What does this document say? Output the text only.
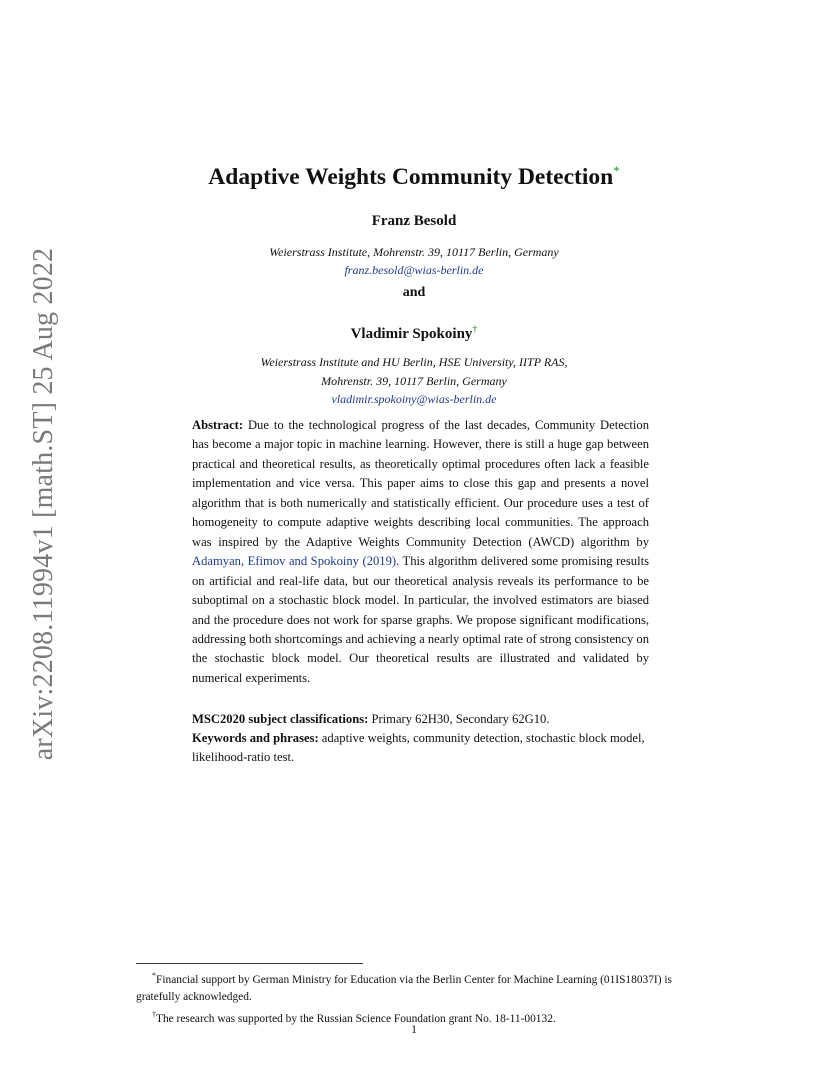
arXiv:2208.11994v1 [math.ST] 25 Aug 2022
Adaptive Weights Community Detection*
Franz Besold
Weierstrass Institute, Mohrenstr. 39, 10117 Berlin, Germany
franz.besold@wias-berlin.de
and
Vladimir Spokoiny†
Weierstrass Institute and HU Berlin, HSE University, IITP RAS,
Mohrenstr. 39, 10117 Berlin, Germany
vladimir.spokoiny@wias-berlin.de
Abstract: Due to the technological progress of the last decades, Community Detection has become a major topic in machine learning. However, there is still a huge gap between practical and theoretical results, as theoretically optimal procedures often lack a feasible implementation and vice versa. This paper aims to close this gap and presents a novel algorithm that is both numerically and statistically efficient. Our procedure uses a test of homogeneity to compute adaptive weights describing local communities. The approach was inspired by the Adaptive Weights Community Detection (AWCD) algorithm by Adamyan, Efimov and Spokoiny (2019). This algorithm delivered some promising results on artificial and real-life data, but our theoretical analysis reveals its performance to be suboptimal on a stochastic block model. In particular, the involved estimators are biased and the procedure does not work for sparse graphs. We propose significant modifications, addressing both shortcomings and achieving a nearly optimal rate of strong consistency on the stochastic block model. Our theoretical results are illustrated and validated by numerical experiments.
MSC2020 subject classifications: Primary 62H30, Secondary 62G10.
Keywords and phrases: adaptive weights, community detection, stochastic block model, likelihood-ratio test.

*Financial support by German Ministry for Education via the Berlin Center for Machine Learning (01IS18037I) is gratefully acknowledged.

†The research was supported by the Russian Science Foundation grant No. 18-11-00132.

1
